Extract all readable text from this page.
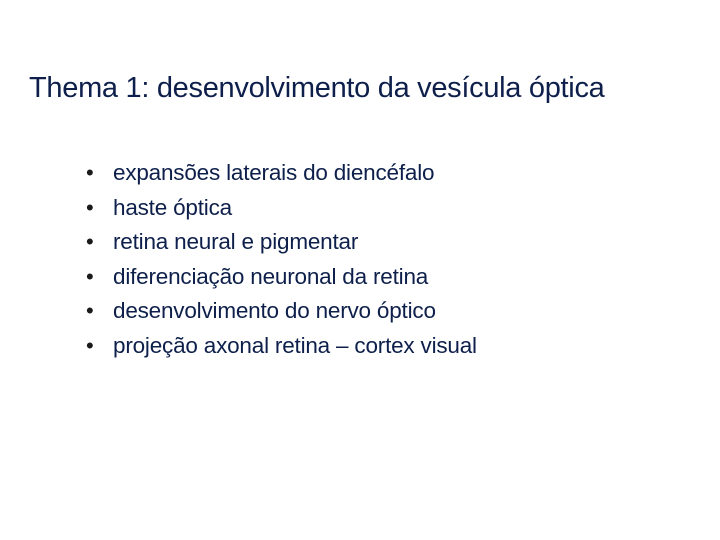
Thema 1: desenvolvimento da vesícula óptica
• expansões laterais do diencéfalo
• haste óptica
• retina neural e pigmentar
• diferenciação neuronal da retina
• desenvolvimento do nervo óptico
• projeção axonal retina – cortex visual
